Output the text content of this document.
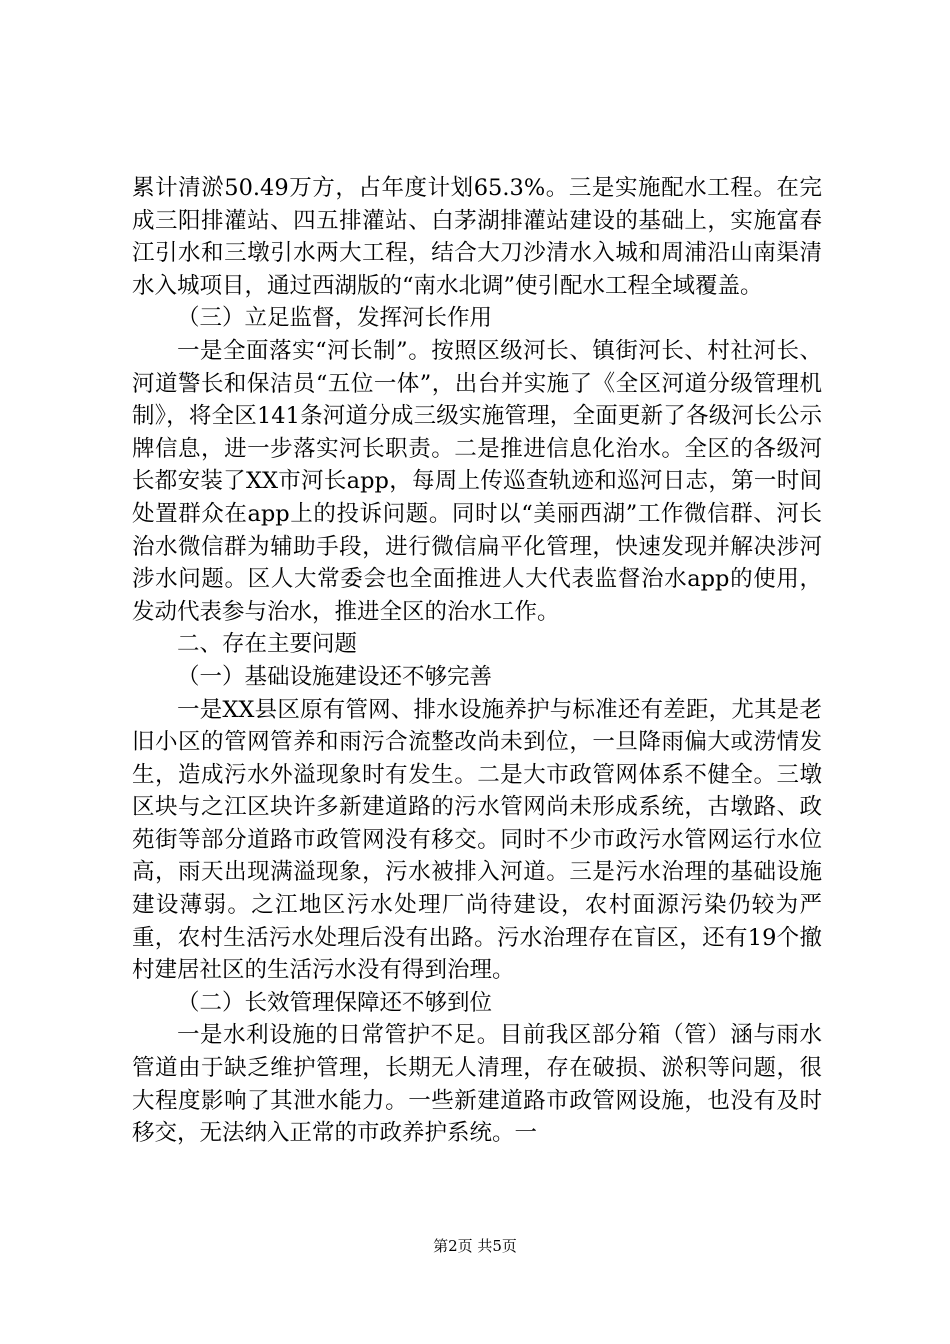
累计清淤50.49万方，占年度计划65.3%。三是实施配水工程。在完成三阳排灌站、四五排灌站、白茅湖排灌站建设的基础上，实施富春江引水和三墩引水两大工程，结合大刀沙清水入城和周浦沿山南渠清水入城项目，通过西湖版的“南水北调”使引配水工程全域覆盖。

（三）立足监督，发挥河长作用

一是全面落实“河长制”。按照区级河长、镇街河长、村社河长、河道警长和保洁员“五位一体”，出台并实施了《全区河道分级管理机制》，将全区141条河道分成三级实施管理，全面更新了各级河长公示牌信息，进一步落实河长职责。二是推进信息化治水。全区的各级河长都安装了XX市河长app，每周上传巡查轨迹和巡河日志，第一时间处置群众在app上的投诉问题。同时以“美丽西湖”工作微信群、河长治水微信群为辅助手段，进行微信扁平化管理，快速发现并解决涉河涉水问题。区人大常委会也全面推进人大代表监督治水app的使用，发动代表参与治水，推进全区的治水工作。

二、存在主要问题

（一）基础设施建设还不够完善

一是XX县区原有管网、排水设施养护与标准还有差距，尤其是老旧小区的管网管养和雨污合流整改尚未到位，一旦降雨偏大或涝情发生，造成污水外溢现象时有发生。二是大市政管网体系不健全。三墩区块与之江区块许多新建道路的污水管网尚未形成系统，古墩路、政苑街等部分道路市政管网没有移交。同时不少市政污水管网运行水位高，雨天出现满溢现象，污水被排入河道。三是污水治理的基础设施建设薄弱。之江地区污水处理厂尚待建设，农村面源污染仍较为严重，农村生活污水处理后没有出路。污水治理存在盲区，还有19个撤村建居社区的生活污水没有得到治理。

（二）长效管理保障还不够到位

一是水利设施的日常管护不足。目前我区部分箱（管）涵与雨水管道由于缺乏维护管理，长期无人清理，存在破损、淤积等问题，很大程度影响了其泄水能力。一些新建道路市政管网设施，也没有及时移交，无法纳入正常的市政养护系统。一

第2页 共5页
